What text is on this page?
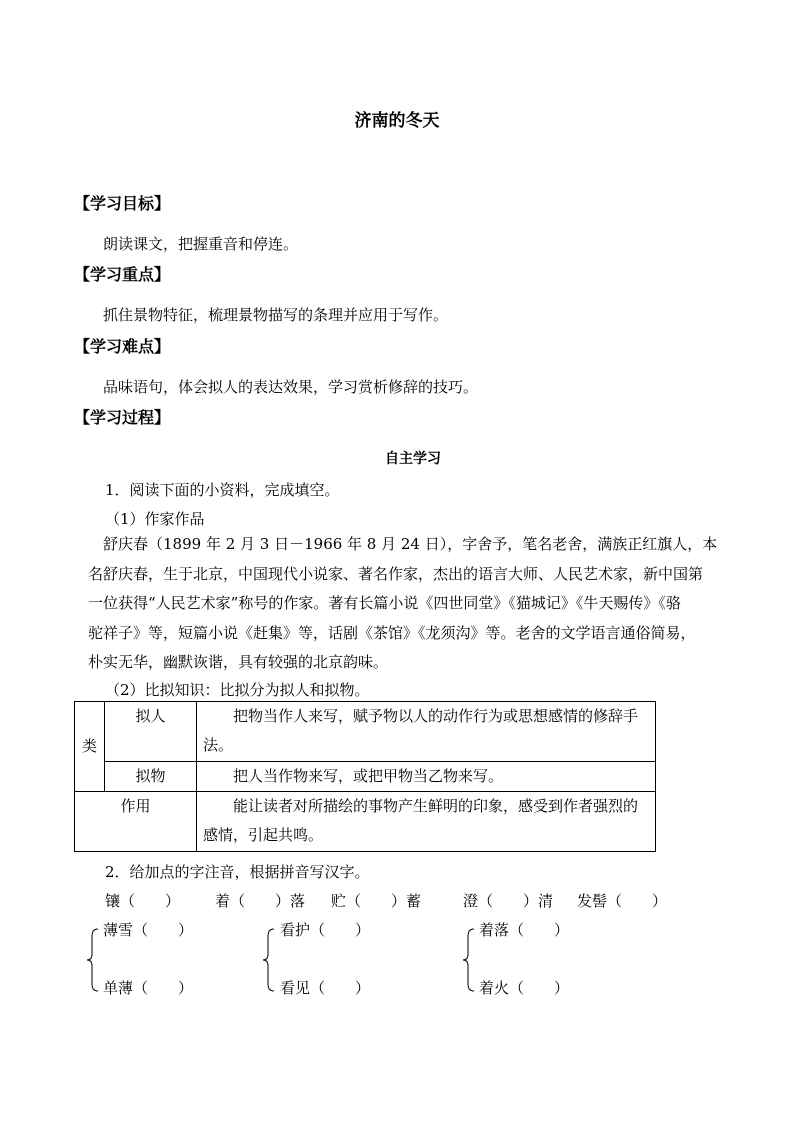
济南的冬天
【学习目标】
朗读课文，把握重音和停连。
【学习重点】
抓住景物特征，梳理景物描写的条理并应用于写作。
【学习难点】
品味语句，体会拟人的表达效果，学习赏析修辞的技巧。
【学习过程】
自主学习
1．阅读下面的小资料，完成填空。
（1）作家作品
舒庆春（1899 年 2 月 3 日－1966 年 8 月 24 日），字舍予，笔名老舍，满族正红旗人，本
名舒庆春，生于北京，中国现代小说家、著名作家，杰出的语言大师、人民艺术家，新中国第
一位获得“人民艺术家”称号的作家。著有长篇小说《四世同堂》《猫城记》《牛天赐传》《骆
驼祥子》等，短篇小说《赶集》等，话剧《茶馆》《龙须沟》等。老舍的文学语言通俗简易，
朴实无华，幽默诙谐，具有较强的北京韵味。
（2）比拟知识：比拟分为拟人和拟物。
类	拟人	把物当作人来写，赋予物以人的动作行为或思想感情的修辞手法。
	拟物	把人当作物来写，或把甲物当乙物来写。
作用		能让读者对所描绘的事物产生鲜明的印象，感受到作者强烈的感情，引起共鸣。
2．给加点的字注音，根据拼音写汉字。
镶（　　） 着（　　）落 贮（　　）蓄	澄（　　）清 发髻（　　）
薄雪（　　）
单薄（　　）
看护（　　）
看见（　　）
着落（　　）
着火（　　）
